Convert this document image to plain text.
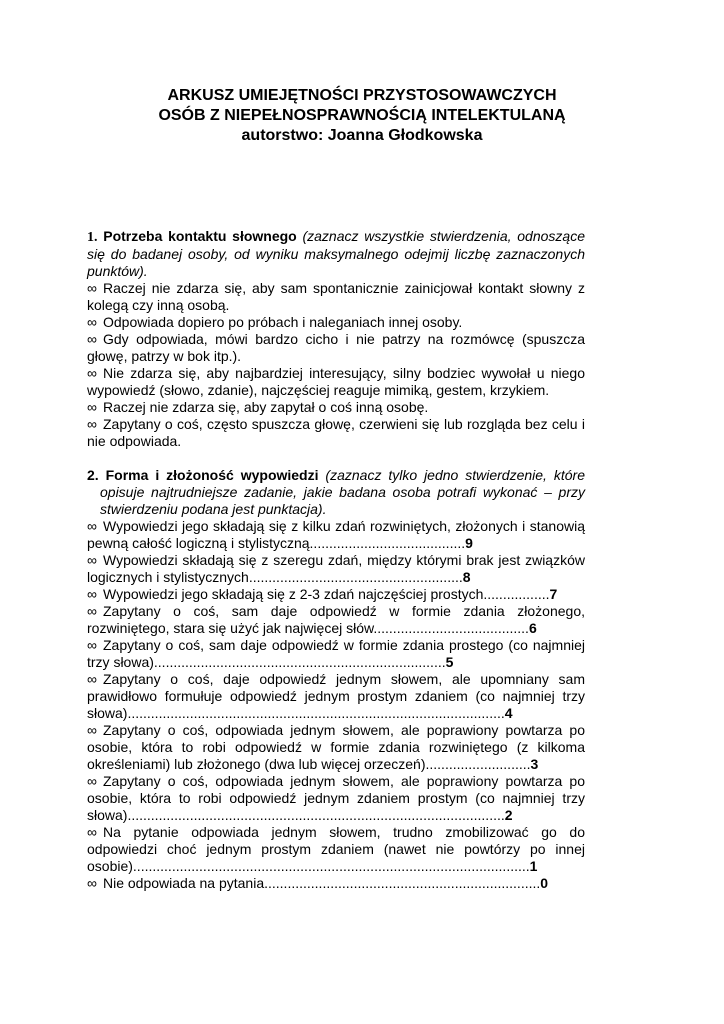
ARKUSZ UMIEJĘTNOŚCI PRZYSTOSOWAWCZYCH
OSÓB Z NIEPEŁNOSPRAWNOŚCIĄ INTELEKTULANĄ
autorstwo: Joanna Głodkowska
1. Potrzeba kontaktu słownego (zaznacz wszystkie stwierdzenia, odnoszące się do badanej osoby, od wyniku maksymalnego odejmij liczbę zaznaczonych punktów).
∞ Raczej nie zdarza się, aby sam spontanicznie zainicjował kontakt słowny z kolegą czy inną osobą.
∞ Odpowiada dopiero po próbach i naleganiach innej osoby.
∞ Gdy odpowiada, mówi bardzo cicho i nie patrzy na rozmówcę (spuszcza głowę, patrzy w bok itp.).
∞ Nie zdarza się, aby najbardziej interesujący, silny bodziec wywołał u niego wypowiedź (słowo, zdanie), najczęściej reaguje mimiką, gestem, krzykiem.
∞ Raczej nie zdarza się, aby zapytał o coś inną osobę.
∞ Zapytany o coś, często spuszcza głowę, czerwieni się lub rozgląda bez celu i nie odpowiada.
2. Forma i złożoność wypowiedzi (zaznacz tylko jedno stwierdzenie, które opisuje najtrudniejsze zadanie, jakie badana osoba potrafi wykonać – przy stwierdzeniu podana jest punktacja).
∞ Wypowiedzi jego składają się z kilku zdań rozwiniętych, złożonych i stanowią pewną całość logiczną i stylistyczną........................................9
∞ Wypowiedzi składają się z szeregu zdań, między którymi brak jest związków logicznych i stylistycznych.......................................................8
∞ Wypowiedzi jego składają się z 2-3 zdań najczęściej prostych.................7
∞ Zapytany o coś, sam daje odpowiedź w formie zdania złożonego, rozwiniętego, stara się użyć jak najwięcej słów........................................6
∞ Zapytany o coś, sam daje odpowiedź w formie zdania prostego (co najmniej trzy słowa)...........................................................................5
∞ Zapytany o coś, daje odpowiedź jednym słowem, ale upomniany sam prawidłowo formułuje odpowiedź jednym prostym zdaniem (co najmniej trzy słowa).................................................................................................4
∞ Zapytany o coś, odpowiada jednym słowem, ale poprawiony powtarza po osobie, która to robi odpowiedź w formie zdania rozwiniętego (z kilkoma określeniami) lub złożonego (dwa lub więcej orzeczeń)...........................3
∞ Zapytany o coś, odpowiada jednym słowem, ale poprawiony powtarza po osobie, która to robi odpowiedź jednym zdaniem prostym (co najmniej trzy słowa).................................................................................................2
∞ Na pytanie odpowiada jednym słowem, trudno zmobilizować go do odpowiedzi choć jednym prostym zdaniem (nawet nie powtórzy po innej osobie)......................................................................................................1
∞ Nie odpowiada na pytania.......................................................................0
